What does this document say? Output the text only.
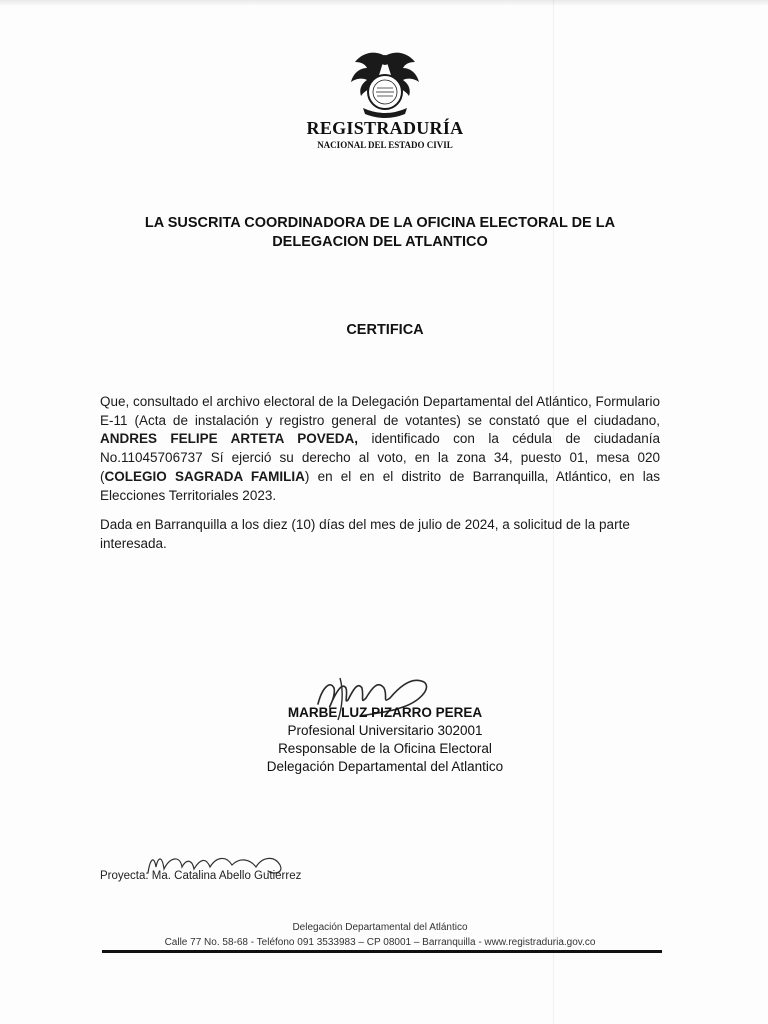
REGISTRADURÍA
NACIONAL DEL ESTADO CIVIL
LA SUSCRITA COORDINADORA DE LA OFICINA ELECTORAL DE LA
DELEGACION DEL ATLANTICO
CERTIFICA
Que, consultado el archivo electoral de la Delegación Departamental del Atlántico, Formulario E-11 (Acta de instalación y registro general de votantes) se constató que el ciudadano, ANDRES FELIPE ARTETA POVEDA, identificado con la cédula de ciudadanía No.11045706737 Sí ejerció su derecho al voto, en la zona 34, puesto 01, mesa 020 (COLEGIO SAGRADA FAMILIA) en el en el distrito de Barranquilla, Atlántico, en las Elecciones Territoriales 2023.
Dada en Barranquilla a los diez (10) días del mes de julio de 2024, a solicitud de la parte interesada.
MARBE LUZ PIZARRO PEREA
Profesional Universitario 302001
Responsable de la Oficina Electoral
Delegación Departamental del Atlantico
Proyecta: Ma. Catalina Abello Gutierrez
Delegación Departamental del Atlántico
Calle 77 No. 58-68 - Teléfono 091 3533983 – CP 08001 – Barranquilla - www.registraduria.gov.co
